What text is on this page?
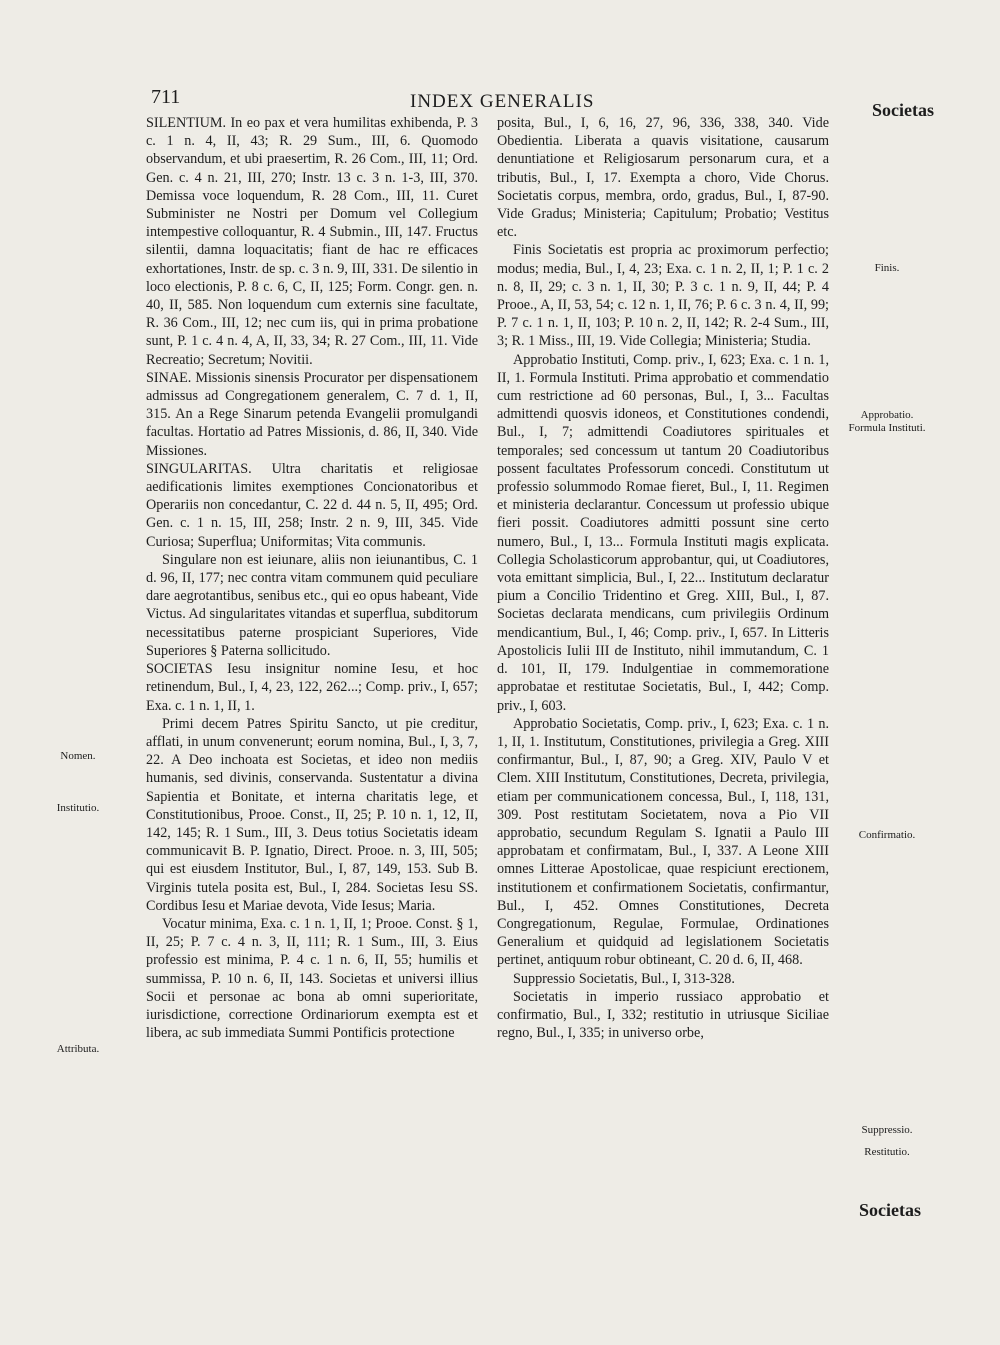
711	INDEX GENERALIS	Societas

SILENTIUM. In eo pax et vera humilitas exhibenda, P. 3 c. 1 n. 4, II, 43; R. 29 Sum., III, 6. Quomodo observandum, et ubi praesertim, R. 26 Com., III, 11; Ord. Gen. c. 4 n. 21, III, 270; Instr. 13 c. 3 n. 1-3, III, 370. Demissa voce loquendum, R. 28 Com., III, 11. Curet Subminister ne Nostri per Domum vel Collegium intempestive colloquantur, R. 4 Submin., III, 147. Fructus silentii, damna loquacitatis; fiant de hac re efficaces exhortationes, Instr. de sp. c. 3 n. 9, III, 331. De silentio in loco electionis, P. 8 c. 6, C, II, 125; Form. Congr. gen. n. 40, II, 585. Non loquendum cum externis sine facultate, R. 36 Com., III, 12; nec cum iis, qui in prima probatione sunt, P. 1 c. 4 n. 4, A, II, 33, 34; R. 27 Com., III, 11. Vide Recreatio; Secretum; Novitii.

SINAE. Missionis sinensis Procurator per dispensationem admissus ad Congregationem generalem, C. 7 d. 1, II, 315. An a Rege Sinarum petenda Evangelii promulgandi facultas. Hortatio ad Patres Missionis, d. 86, II, 340. Vide Missiones.

SINGULARITAS. Ultra charitatis et religiosae aedificationis limites exemptiones Concionatoribus et Operariis non concedantur, C. 22 d. 44 n. 5, II, 495; Ord. Gen. c. 1 n. 15, III, 258; Instr. 2 n. 9, III, 345. Vide Curiosa; Superflua; Uniformitas; Vita communis.

Singulare non est ieiunare, aliis non ieiunantibus, C. 1 d. 96, II, 177; nec contra vitam communem quid peculiare dare aegrotantibus, senibus etc., qui eo opus habeant, Vide Victus. Ad singularitates vitandas et superflua, subditorum necessitatibus paterne prospiciant Superiores, Vide Superiores § Paterna sollicitudo.

SOCIETAS Iesu insignitur nomine Iesu, et hoc retinendum, Bul., I, 4, 23, 122, 262...; Comp. priv., I, 657; Exa. c. 1 n. 1, II, 1.

Primi decem Patres Spiritu Sancto, ut pie creditur, afflati, in unum convenerunt; eorum nomina, Bul., I, 3, 7, 22. A Deo inchoata est Societas, et ideo non mediis humanis, sed divinis, conservanda. Sustentatur a divina Sapientia et Bonitate, et interna charitatis lege, et Constitutionibus, Prooe. Const., II, 25; P. 10 n. 1, 12, II, 142, 145; R. 1 Sum., III, 3. Deus totius Societatis ideam communicavit B. P. Ignatio, Direct. Prooe. n. 3, III, 505; qui est eiusdem Institutor, Bul., I, 87, 149, 153. Sub B. Virginis tutela posita est, Bul., I, 284. Societas Iesu SS. Cordibus Iesu et Mariae devota, Vide Iesus; Maria.

Vocatur minima, Exa. c. 1 n. 1, II, 1; Prooe. Const. § 1, II, 25; P. 7 c. 4 n. 3, II, 111; R. 1 Sum., III, 3. Eius professio est minima, P. 4 c. 1 n. 6, II, 55; humilis et summissa, P. 10 n. 6, II, 143. Societas et universi illius Socii et personae ac bona ab omni superioritate, iurisdictione, correctione Ordinariorum exempta est et libera, ac sub immediata Summi Pontificis protectione

posita, Bul., I, 6, 16, 27, 96, 336, 338, 340. Vide Obedientia. Liberata a quavis visitatione, causarum denuntiatione et Religiosarum personarum cura, et a tributis, Bul., I, 17. Exempta a choro, Vide Chorus. Societatis corpus, membra, ordo, gradus, Bul., I, 87-90. Vide Gradus; Ministeria; Capitulum; Probatio; Vestitus etc.

Finis Societatis est propria ac proximorum perfectio; modus; media, Bul., I, 4, 23; Exa. c. 1 n. 2, II, 1; P. 1 c. 2 n. 8, II, 29; c. 3 n. 1, II, 30; P. 3 c. 1 n. 9, II, 44; P. 4 Prooe., A, II, 53, 54; c. 12 n. 1, II, 76; P. 6 c. 3 n. 4, II, 99; P. 7 c. 1 n. 1, II, 103; P. 10 n. 2, II, 142; R. 2-4 Sum., III, 3; R. 1 Miss., III, 19. Vide Collegia; Ministeria; Studia.

Approbatio Instituti, Comp. priv., I, 623; Exa. c. 1 n. 1, II, 1. Formula Instituti. Prima approbatio et commendatio cum restrictione ad 60 personas, Bul., I, 3... Facultas admittendi quosvis idoneos, et Constitutiones condendi, Bul., I, 7; admittendi Coadiutores spirituales et temporales; sed concessum ut tantum 20 Coadiutoribus possent facultates Professorum concedi. Constitutum ut professio solummodo Romae fieret, Bul., I, 11. Regimen et ministeria declarantur. Concessum ut professio ubique fieri possit. Coadiutores admitti possunt sine certo numero, Bul., I, 13... Formula Instituti magis explicata. Collegia Scholasticorum approbantur, qui, ut Coadiutores, vota emittant simplicia, Bul., I, 22... Institutum declaratur pium a Concilio Tridentino et Greg. XIII, Bul., I, 87. Societas declarata mendicans, cum privilegiis Ordinum mendicantium, Bul., I, 46; Comp. priv., I, 657. In Litteris Apostolicis Iulii III de Instituto, nihil immutandum, C. 1 d. 101, II, 179. Indulgentiae in commemoratione approbatae et restitutae Societatis, Bul., I, 442; Comp. priv., I, 603.

Approbatio Societatis, Comp. priv., I, 623; Exa. c. 1 n. 1, II, 1. Institutum, Constitutiones, privilegia a Greg. XIII confirmantur, Bul., I, 87, 90; a Greg. XIV, Paulo V et Clem. XIII Institutum, Constitutiones, Decreta, privilegia, etiam per communicationem concessa, Bul., I, 118, 131, 309. Post restitutam Societatem, nova a Pio VII approbatio, secundum Regulam S. Ignatii a Paulo III approbatam et confirmatam, Bul., I, 337. A Leone XIII omnes Litterae Apostolicae, quae respiciunt erectionem, institutionem et confirmationem Societatis, confirmantur, Bul., I, 452. Omnes Constitutiones, Decreta Congregationum, Regulae, Formulae, Ordinationes Generalium et quidquid ad legislationem Societatis pertinet, antiquum robur obtineant, C. 20 d. 6, II, 468.

Suppressio Societatis, Bul., I, 313-328.

Societatis in imperio russiaco approbatio et confirmatio, Bul., I, 332; restitutio in utriusque Siciliae regno, Bul., I, 335; in universo orbe,

Nomen.
Institutio.
Attributa.
Finis.
Approbatio. Formula Instituti.
Confirmatio.
Suppressio.
Restitutio.
Societas
